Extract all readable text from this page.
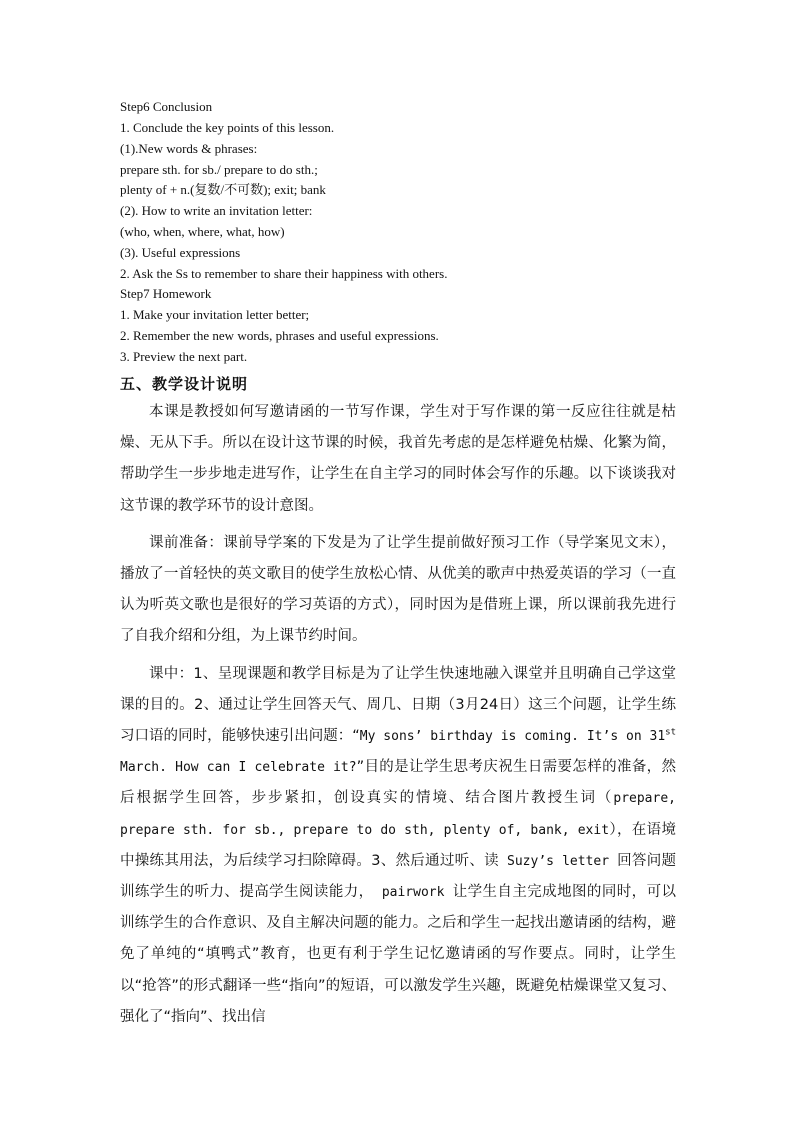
Step6 Conclusion
1. Conclude the key points of this lesson.
(1).New words & phrases:
prepare sth. for sb./ prepare to do sth.;
plenty of + n.(复数/不可数); exit; bank
(2). How to write an invitation letter:
(who, when, where, what, how)
(3). Useful expressions
2. Ask the Ss to remember to share their happiness with others.
Step7 Homework
1. Make your invitation letter better;
2. Remember the new words, phrases and useful expressions.
3. Preview the next part.
五、教学设计说明

本课是教授如何写邀请函的一节写作课，学生对于写作课的第一反应往往就是枯燥、无从下手。所以在设计这节课的时候，我首先考虑的是怎样避免枯燥、化繁为简，帮助学生一步步地走进写作，让学生在自主学习的同时体会写作的乐趣。以下谈谈我对这节课的教学环节的设计意图。

课前准备：课前导学案的下发是为了让学生提前做好预习工作（导学案见文末），播放了一首轻快的英文歌目的使学生放松心情、从优美的歌声中热爱英语的学习（一直认为听英文歌也是很好的学习英语的方式），同时因为是借班上课，所以课前我先进行了自我介绍和分组，为上课节约时间。

课中：1、呈现课题和教学目标是为了让学生快速地融入课堂并且明确自己学这堂课的目的。2、通过让学生回答天气、周几、日期（3月24日）这三个问题，让学生练习口语的同时，能够快速引出问题：“My sons’ birthday is coming. It’s on 31st March. How can I celebrate it?”目的是让学生思考庆祝生日需要怎样的准备，然后根据学生回答，步步紧扣，创设真实的情境、结合图片教授生词（prepare, prepare sth. for sb., prepare to do sth, plenty of, bank, exit），在语境中操练其用法，为后续学习扫除障碍。3、然后通过听、读 Suzy’s letter 回答问题训练学生的听力、提高学生阅读能力， pairwork 让学生自主完成地图的同时，可以训练学生的合作意识、及自主解决问题的能力。之后和学生一起找出邀请函的结构，避免了单纯的“填鸭式”教育，也更有利于学生记忆邀请函的写作要点。同时，让学生以“抢答”的形式翻译一些“指向”的短语，可以激发学生兴趣，既避免枯燥课堂又复习、强化了“指向”、找出信
